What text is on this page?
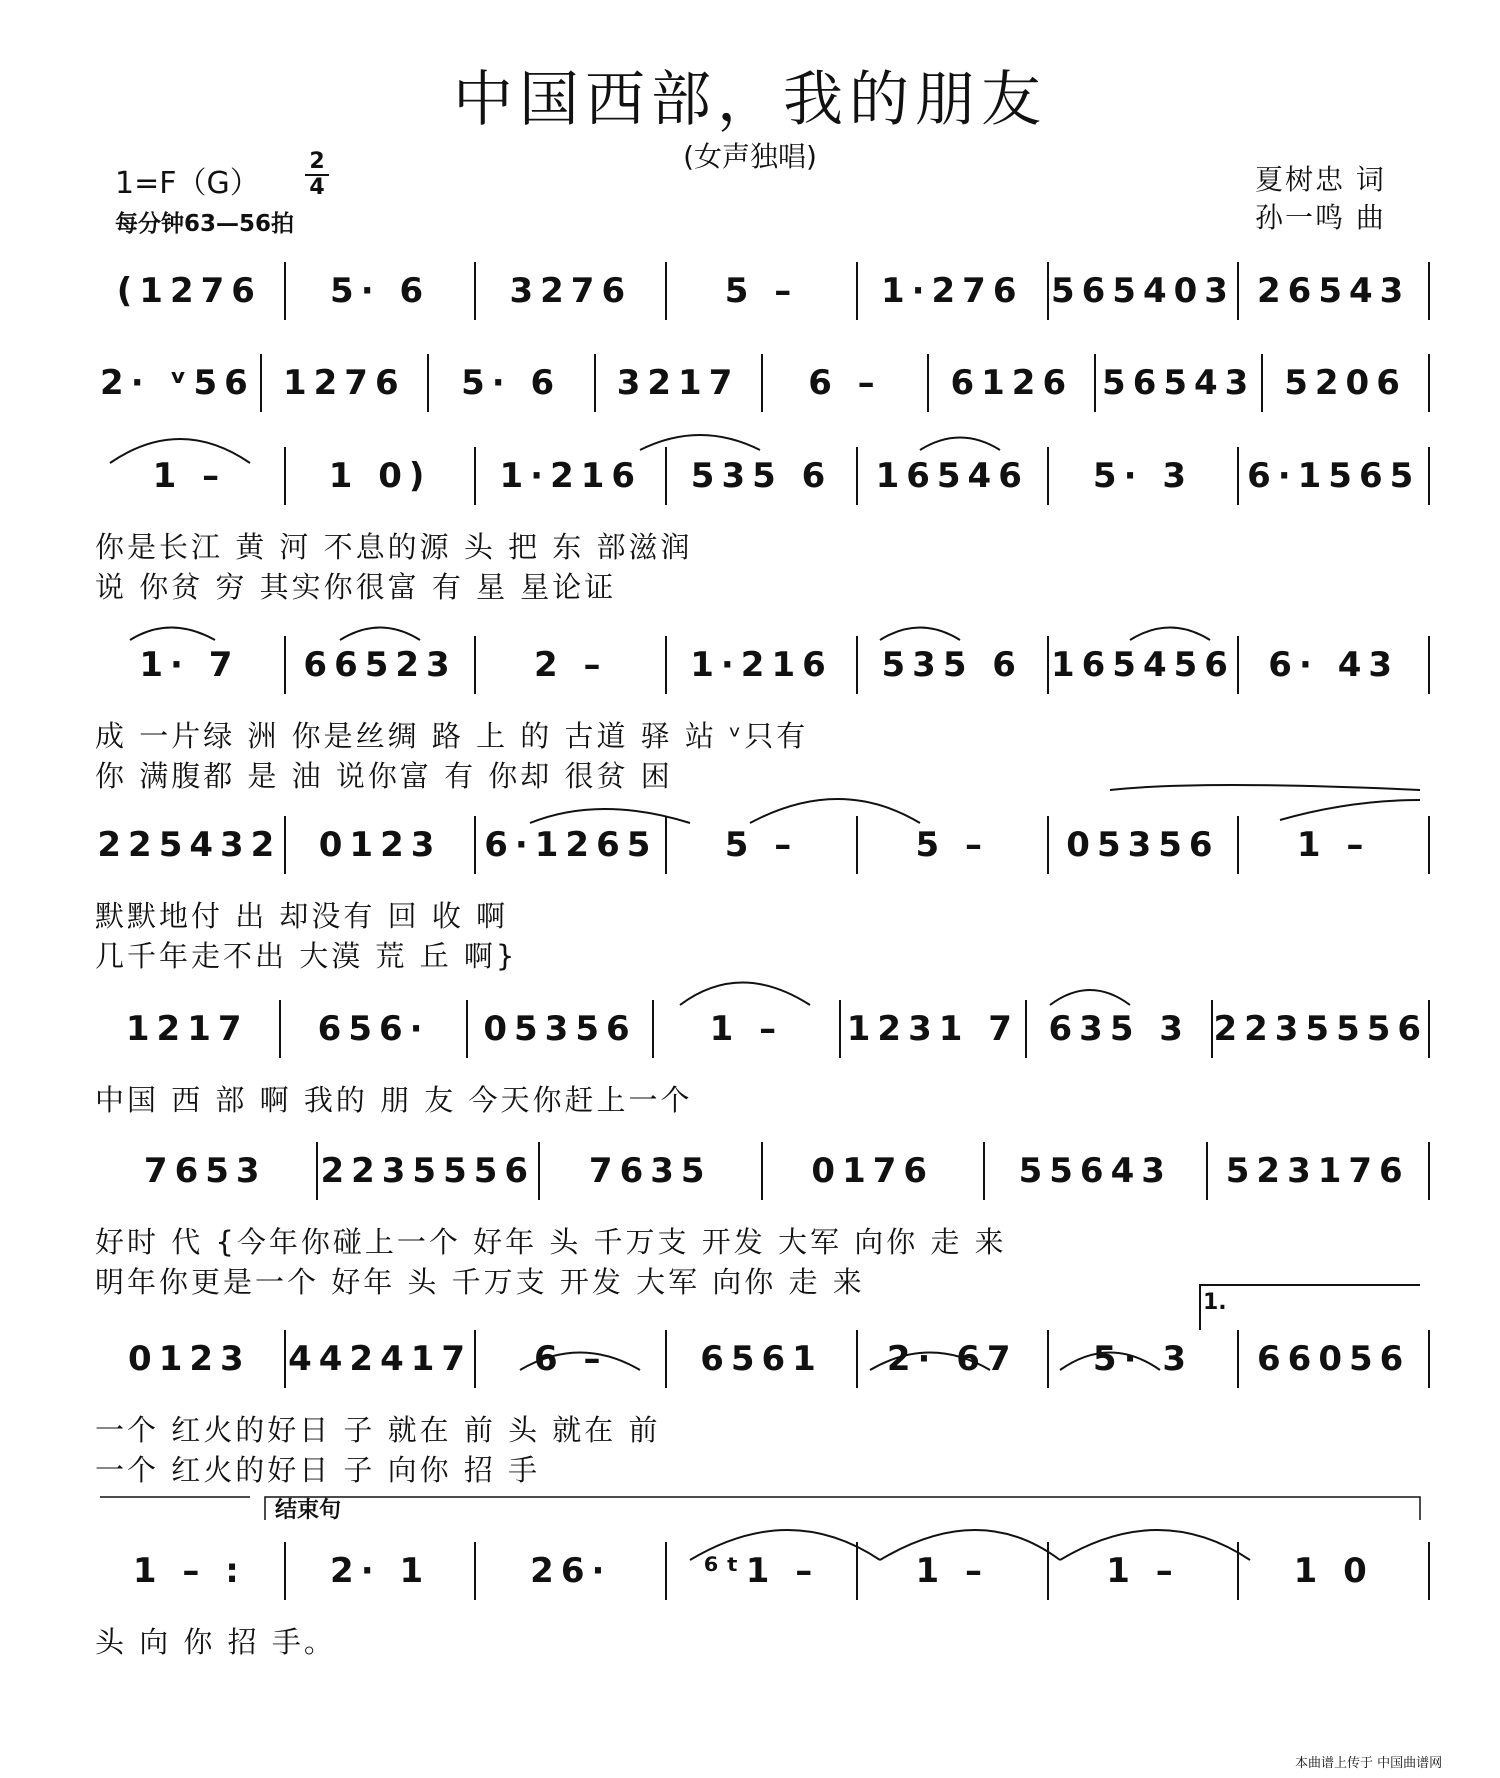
中国西部，我的朋友
(女声独唱)
1=F（G）
2
4
每分钟63—56拍
夏树忠 词
孙一鸣 曲
(1276	5· 6	3276	5 –	1·276 565403 26543
2· ᵛ56 1276	5· 6	3217	6 –	6126 56543 5206
1 –	1 0)	1·216	535 6	16546	5· 3	6·1565
你是长江 黄 河 不息的源 头 把 东 部滋润
说 你贫 穷 其实你很富 有 星 星论证
1· 7	66523	2 –	1·216	535 6 165456 6· 43
成 一片绿 洲 你是丝绸 路 上 的 古道 驿 站 ᵛ只有
你 满腹都 是 油 说你富 有 你却 很贫 困
225432	0123	6·1265	5 –	5 –	05356	1 –
默默地付 出 却没有 回 收 啊
几千年走不出 大漠 荒 丘 啊}
1217	656·	05356	1 –	1231 7 635 3 2235556
中国 西 部 啊 我的 朋 友 今天你赶上一个
7653	2235556	7635	0176	55643	523176
好时 代 {今年你碰上一个 好年 头 千万支 开发 大军 向你 走 来
明年你更是一个 好年 头 千万支 开发 大军 向你 走 来
0123	442417	6 –	6561	2· 67	5· 3	66056
一个 红火的好日 子 就在 前 头 就在 前
一个 红火的好日 子 向你 招 手
1 – :	2· 1	26·	⁶ᵗ1 –	1 –	1 –	1 0
头 向 你 招 手。
1.
结束句
本曲谱上传于 中国曲谱网
